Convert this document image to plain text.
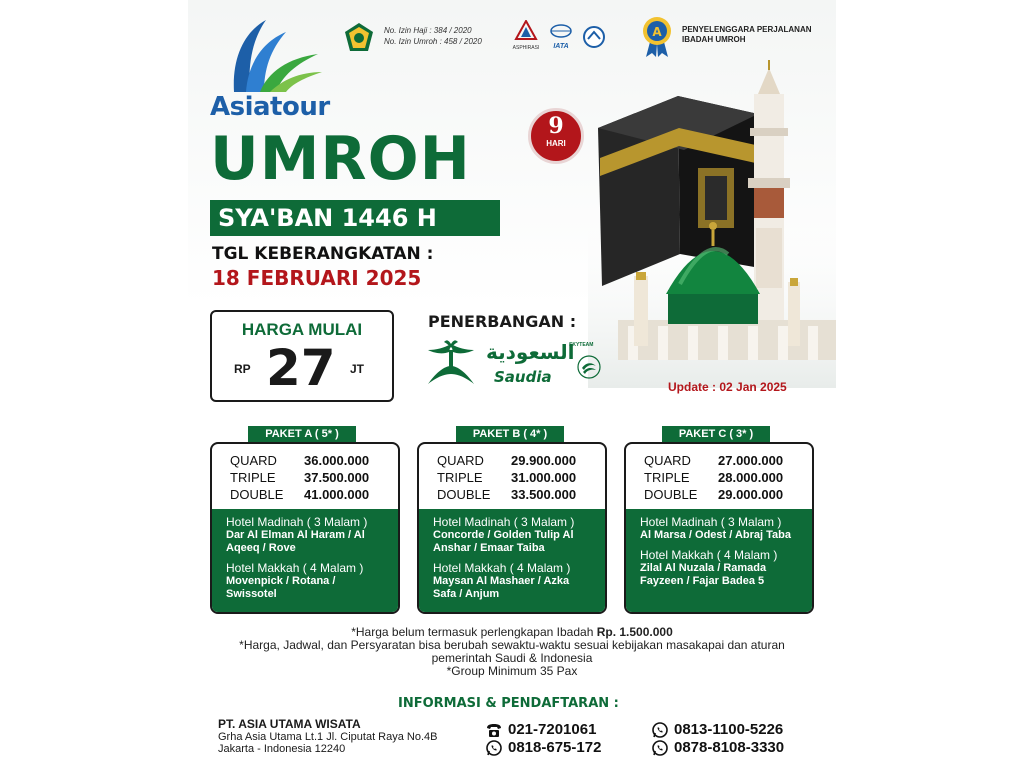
Asiatour
No. Izin Haji : 384 / 2020
No. Izin Umroh : 458 / 2020
ASPHIRASI	IATA
A	PENYELENGGARA PERJALANAN
IBADAH UMROH
UMROH	9
HARI
SYA'BAN 1446 H
TGL KEBERANGKATAN :
18 FEBRUARI 2025
HARGA MULAI
RP 27 JT
PENERBANGAN :
السعودية
Saudia
SKYTEAM
Update : 02 Jan 2025
PAKET A ( 5* )
QUARD	36.000.000
TRIPLE	37.500.000
DOUBLE	41.000.000
Hotel Madinah ( 3 Malam )
Dar Al Elman Al Haram / Al Aqeeq / Rove
Hotel Makkah ( 4 Malam )
Movenpick / Rotana / Swissotel
PAKET B ( 4* )
QUARD	29.900.000
TRIPLE	31.000.000
DOUBLE	33.500.000
Hotel Madinah ( 3 Malam )
Concorde / Golden Tulip Al Anshar / Emaar Taiba
Hotel Makkah ( 4 Malam )
Maysan Al Mashaer / Azka Safa / Anjum
PAKET C ( 3* )
QUARD	27.000.000
TRIPLE	28.000.000
DOUBLE	29.000.000
Hotel Madinah ( 3 Malam )
Al Marsa / Odest / Abraj Taba
Hotel Makkah ( 4 Malam )
Zilal Al Nuzala / Ramada Fayzeen / Fajar Badea 5
*Harga belum termasuk perlengkapan Ibadah Rp. 1.500.000
*Harga, Jadwal, dan Persyaratan bisa berubah sewaktu-waktu sesuai kebijakan masakapai dan aturan pemerintah Saudi & Indonesia
*Group Minimum 35 Pax
INFORMASI & PENDAFTARAN :
PT. ASIA UTAMA WISATA
Grha Asia Utama Lt.1 Jl. Ciputat Raya No.4B
Jakarta - Indonesia 12240
021-7201061
0818-675-172
0813-1100-5226
0878-8108-3330
